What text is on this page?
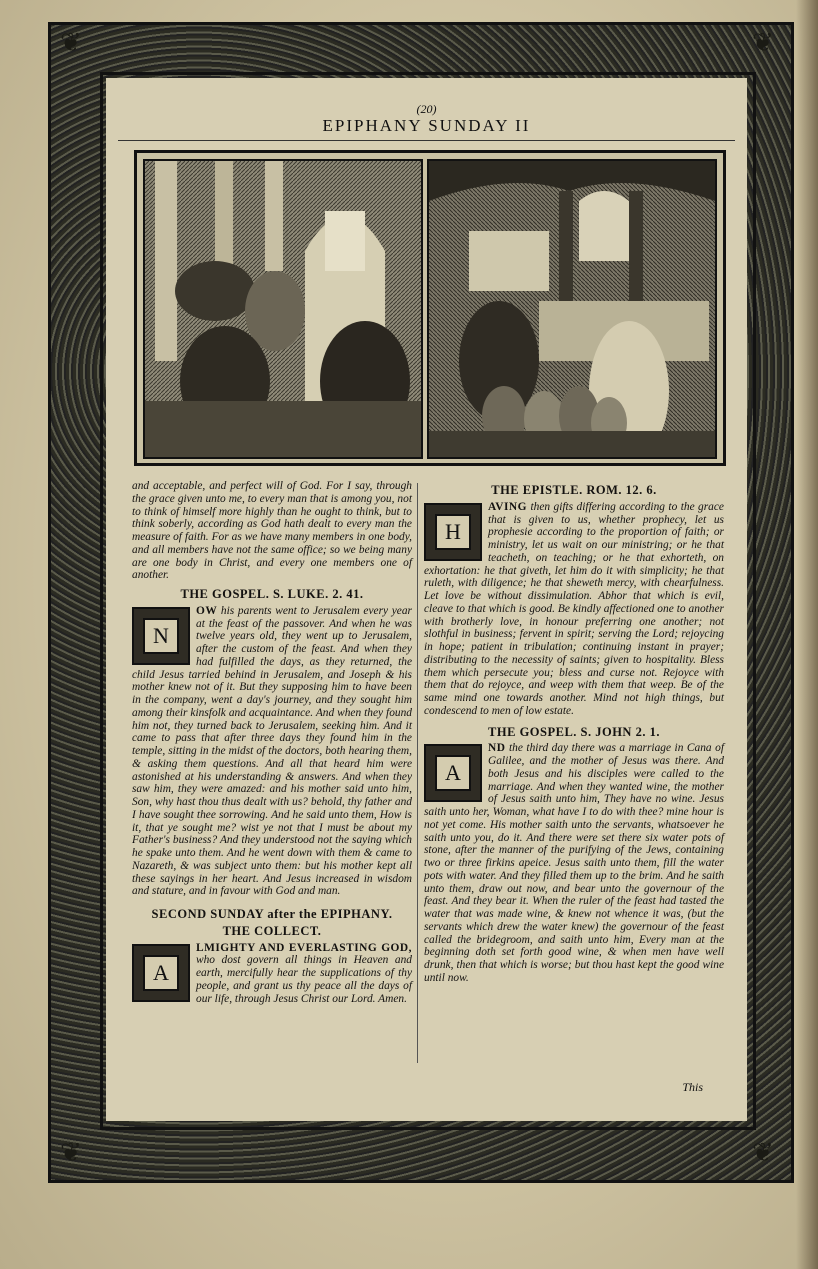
❦	❦
❦	❦
(20)
EPIPHANY SUNDAY II

and acceptable, and perfect will of God. For I say, through the grace given unto me, to every man that is among you, not to think of himself more highly than he ought to think, but to think soberly, according as God hath dealt to every man the measure of faith. For as we have many members in one body, and all members have not the same office; so we being many are one body in Christ, and every one members one of another.

THE GOSPEL. S. LUKE. 2. 41.
N
OW his parents went to Jerusalem every year at the feast of the passover. And when he was twelve years old, they went up to Jerusalem, after the custom of the feast. And when they had fulfilled the days, as they returned, the child Jesus tarried behind in Jerusalem, and Joseph & his mother knew not of it. But they supposing him to have been in the company, went a day's journey, and they sought him among their kinsfolk and acquaintance. And when they found him not, they turned back to Jerusalem, seeking him. And it came to pass that after three days they found him in the temple, sitting in the midst of the doctors, both hearing them, & asking them questions. And all that heard him were astonished at his understanding & answers. And when they saw him, they were amazed: and his mother said unto him, Son, why hast thou thus dealt with us? behold, thy father and I have sought thee sorrowing. And he said unto them, How is it, that ye sought me? wist ye not that I must be about my Father's business? And they understood not the saying which he spake unto them. And he went down with them & came to Nazareth, & was subject unto them: but his mother kept all these sayings in her heart. And Jesus increased in wisdom and stature, and in favour with God and man.
SECOND SUNDAY after the EPIPHANY.
THE COLLECT.
A
LMIGHTY AND EVERLASTING GOD, who dost govern all things in Heaven and earth, mercifully hear the supplications of thy people, and grant us thy peace all the days of our life, through Jesus Christ our Lord. Amen.
THE EPISTLE. ROM. 12. 6.
H
AVING then gifts differing according to the grace that is given to us, whether prophecy, let us prophesie according to the proportion of faith; or ministry, let us wait on our ministring; or he that teacheth, on teaching; or he that exhorteth, on exhortation: he that giveth, let him do it with simplicity; he that ruleth, with diligence; he that sheweth mercy, with chearfulness. Let love be without dissimulation. Abhor that which is evil, cleave to that which is good. Be kindly affectioned one to another with brotherly love, in honour preferring one another; not slothful in business; fervent in spirit; serving the Lord; rejoycing in hope; patient in tribulation; continuing instant in prayer; distributing to the necessity of saints; given to hospitality. Bless them which persecute you; bless and curse not. Rejoyce with them that do rejoyce, and weep with them that weep. Be of the same mind one towards another. Mind not high things, but condescend to men of low estate.
THE GOSPEL. S. JOHN 2. 1.
A
ND the third day there was a marriage in Cana of Galilee, and the mother of Jesus was there. And both Jesus and his disciples were called to the marriage. And when they wanted wine, the mother of Jesus saith unto him, They have no wine. Jesus saith unto her, Woman, what have I to do with thee? mine hour is not yet come. His mother saith unto the servants, whatsoever he saith unto you, do it. And there were set there six water pots of stone, after the manner of the purifying of the Jews, containing two or three firkins apeice. Jesus saith unto them, fill the water pots with water. And they filled them up to the brim. And he saith unto them, draw out now, and bear unto the governour of the feast. And they bear it. When the ruler of the feast had tasted the water that was made wine, & knew not whence it was, (but the servants which drew the water knew) the governour of the feast called the bridegroom, and saith unto him, Every man at the beginning doth set forth good wine, & when men have well drunk, then that which is worse; but thou hast kept the good wine until now.
This
